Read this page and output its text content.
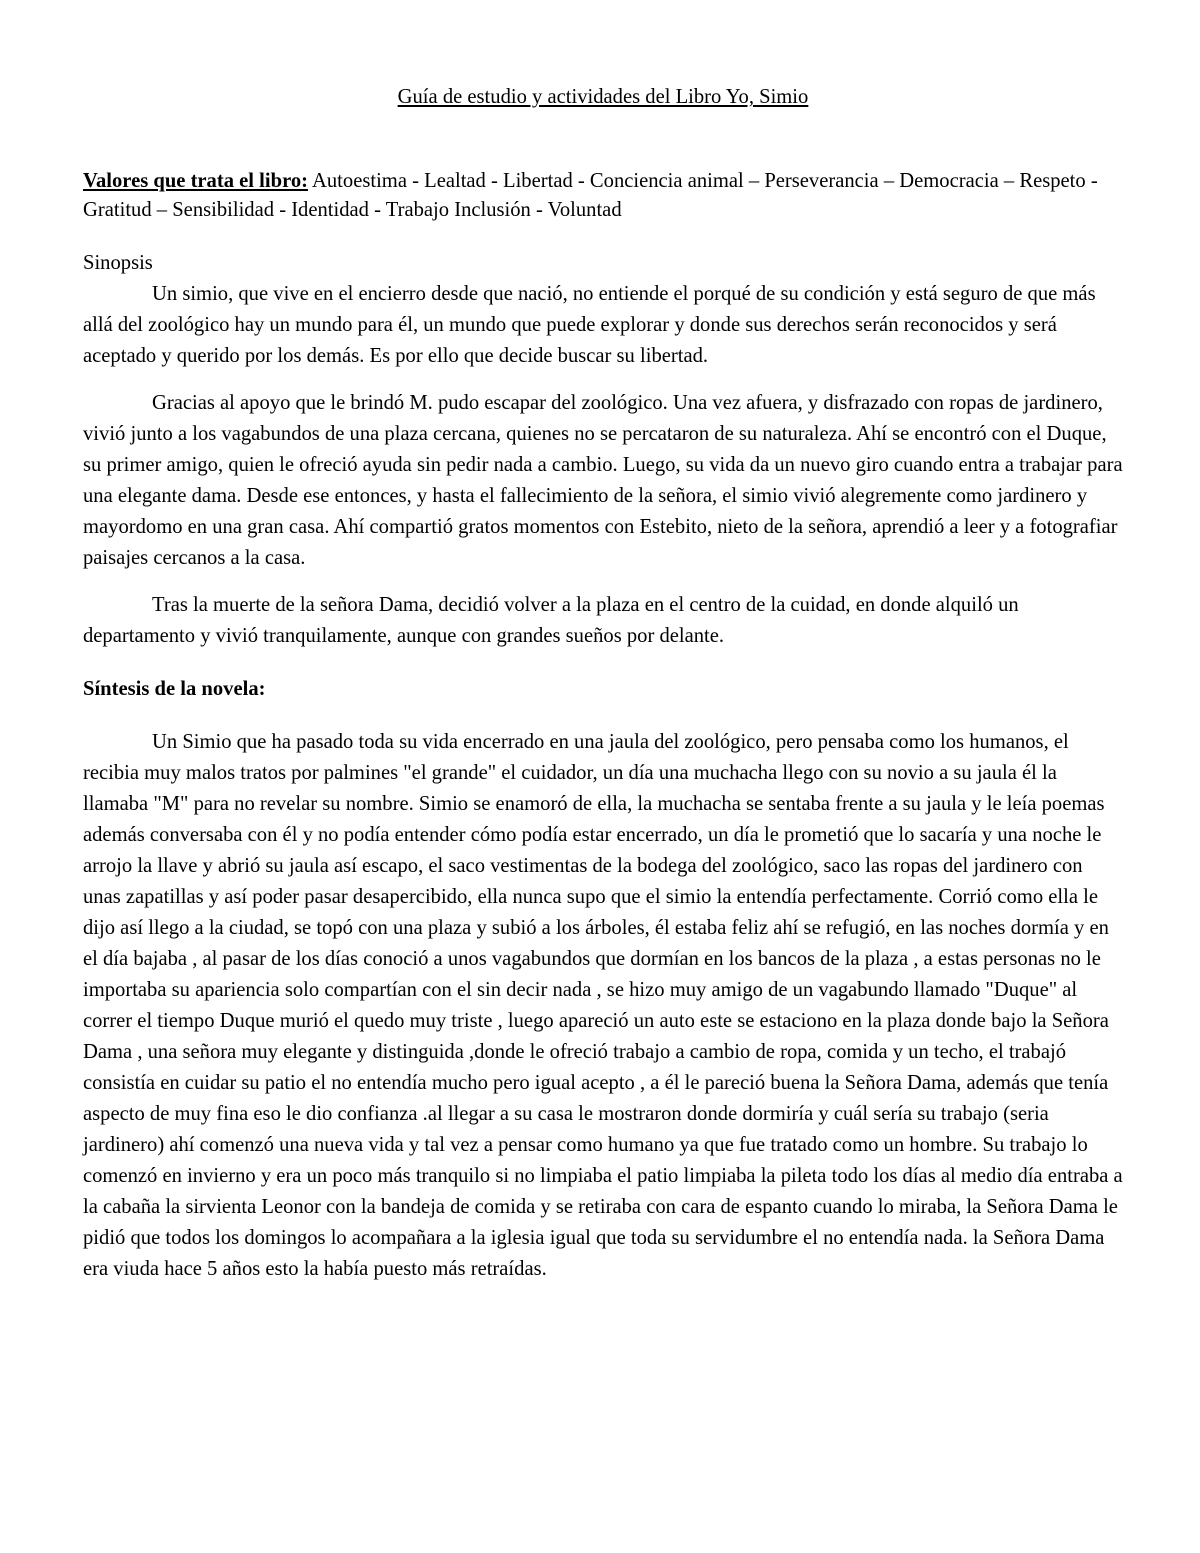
Guía de estudio y actividades del Libro Yo, Simio

Valores que trata el libro: Autoestima - Lealtad - Libertad - Conciencia animal – Perseverancia – Democracia – Respeto - Gratitud – Sensibilidad - Identidad - Trabajo Inclusión - Voluntad

Sinopsis

Un simio, que vive en el encierro desde que nació, no entiende el porqué de su condición y está seguro de que más allá del zoológico hay un mundo para él, un mundo que puede explorar y donde sus derechos serán reconocidos y será aceptado y querido por los demás. Es por ello que decide buscar su libertad.

Gracias al apoyo que le brindó M. pudo escapar del zoológico. Una vez afuera, y disfrazado con ropas de jardinero, vivió junto a los vagabundos de una plaza cercana, quienes no se percataron de su naturaleza. Ahí se encontró con el Duque, su primer amigo, quien le ofreció ayuda sin pedir nada a cambio. Luego, su vida da un nuevo giro cuando entra a trabajar para una elegante dama. Desde ese entonces, y hasta el fallecimiento de la señora, el simio vivió alegremente como jardinero y mayordomo en una gran casa. Ahí compartió gratos momentos con Estebito, nieto de la señora, aprendió a leer y a fotografiar paisajes cercanos a la casa.

Tras la muerte de la señora Dama, decidió volver a la plaza en el centro de la cuidad, en donde alquiló un departamento y vivió tranquilamente, aunque con grandes sueños por delante.

Síntesis de la novela:

Un Simio que ha pasado toda su vida encerrado en una jaula del zoológico, pero pensaba como los humanos, el recibia muy malos tratos por palmines "el grande" el cuidador, un día una muchacha llego con su novio a su jaula él la llamaba "M" para no revelar su nombre. Simio se enamoró de ella, la muchacha se sentaba frente a su jaula y le leía poemas además conversaba con él y no podía entender cómo podía estar encerrado, un día le prometió que lo sacaría y una noche le arrojo la llave y abrió su jaula así escapo, el saco vestimentas de la bodega del zoológico, saco las ropas del jardinero con unas zapatillas y así poder pasar desapercibido, ella nunca supo que el simio la entendía perfectamente. Corrió como ella le dijo así llego a la ciudad, se topó con una plaza y subió a los árboles, él estaba feliz ahí se refugió, en las noches dormía y en el día bajaba , al pasar de los días conoció a unos vagabundos que dormían en los bancos de la plaza , a estas personas no le importaba su apariencia solo compartían con el sin decir nada , se hizo muy amigo de un vagabundo llamado "Duque" al correr el tiempo Duque murió el quedo muy triste , luego apareció un auto este se estaciono en la plaza donde bajo la Señora Dama , una señora muy elegante y distinguida ,donde le ofreció trabajo a cambio de ropa, comida y un techo, el trabajó consistía en cuidar su patio el no entendía mucho pero igual acepto , a él le pareció buena la Señora Dama, además que tenía aspecto de muy fina eso le dio confianza .al llegar a su casa le mostraron donde dormiría y cuál sería su trabajo (seria jardinero) ahí comenzó una nueva vida y tal vez a pensar como humano ya que fue tratado como un hombre. Su trabajo lo comenzó en invierno y era un poco más tranquilo si no limpiaba el patio limpiaba la pileta todo los días al medio día entraba a la cabaña la sirvienta Leonor con la bandeja de comida y se retiraba con cara de espanto cuando lo miraba, la Señora Dama le pidió que todos los domingos lo acompañara a la iglesia igual que toda su servidumbre el no entendía nada. la Señora Dama era viuda hace 5 años esto la había puesto más retraídas.
